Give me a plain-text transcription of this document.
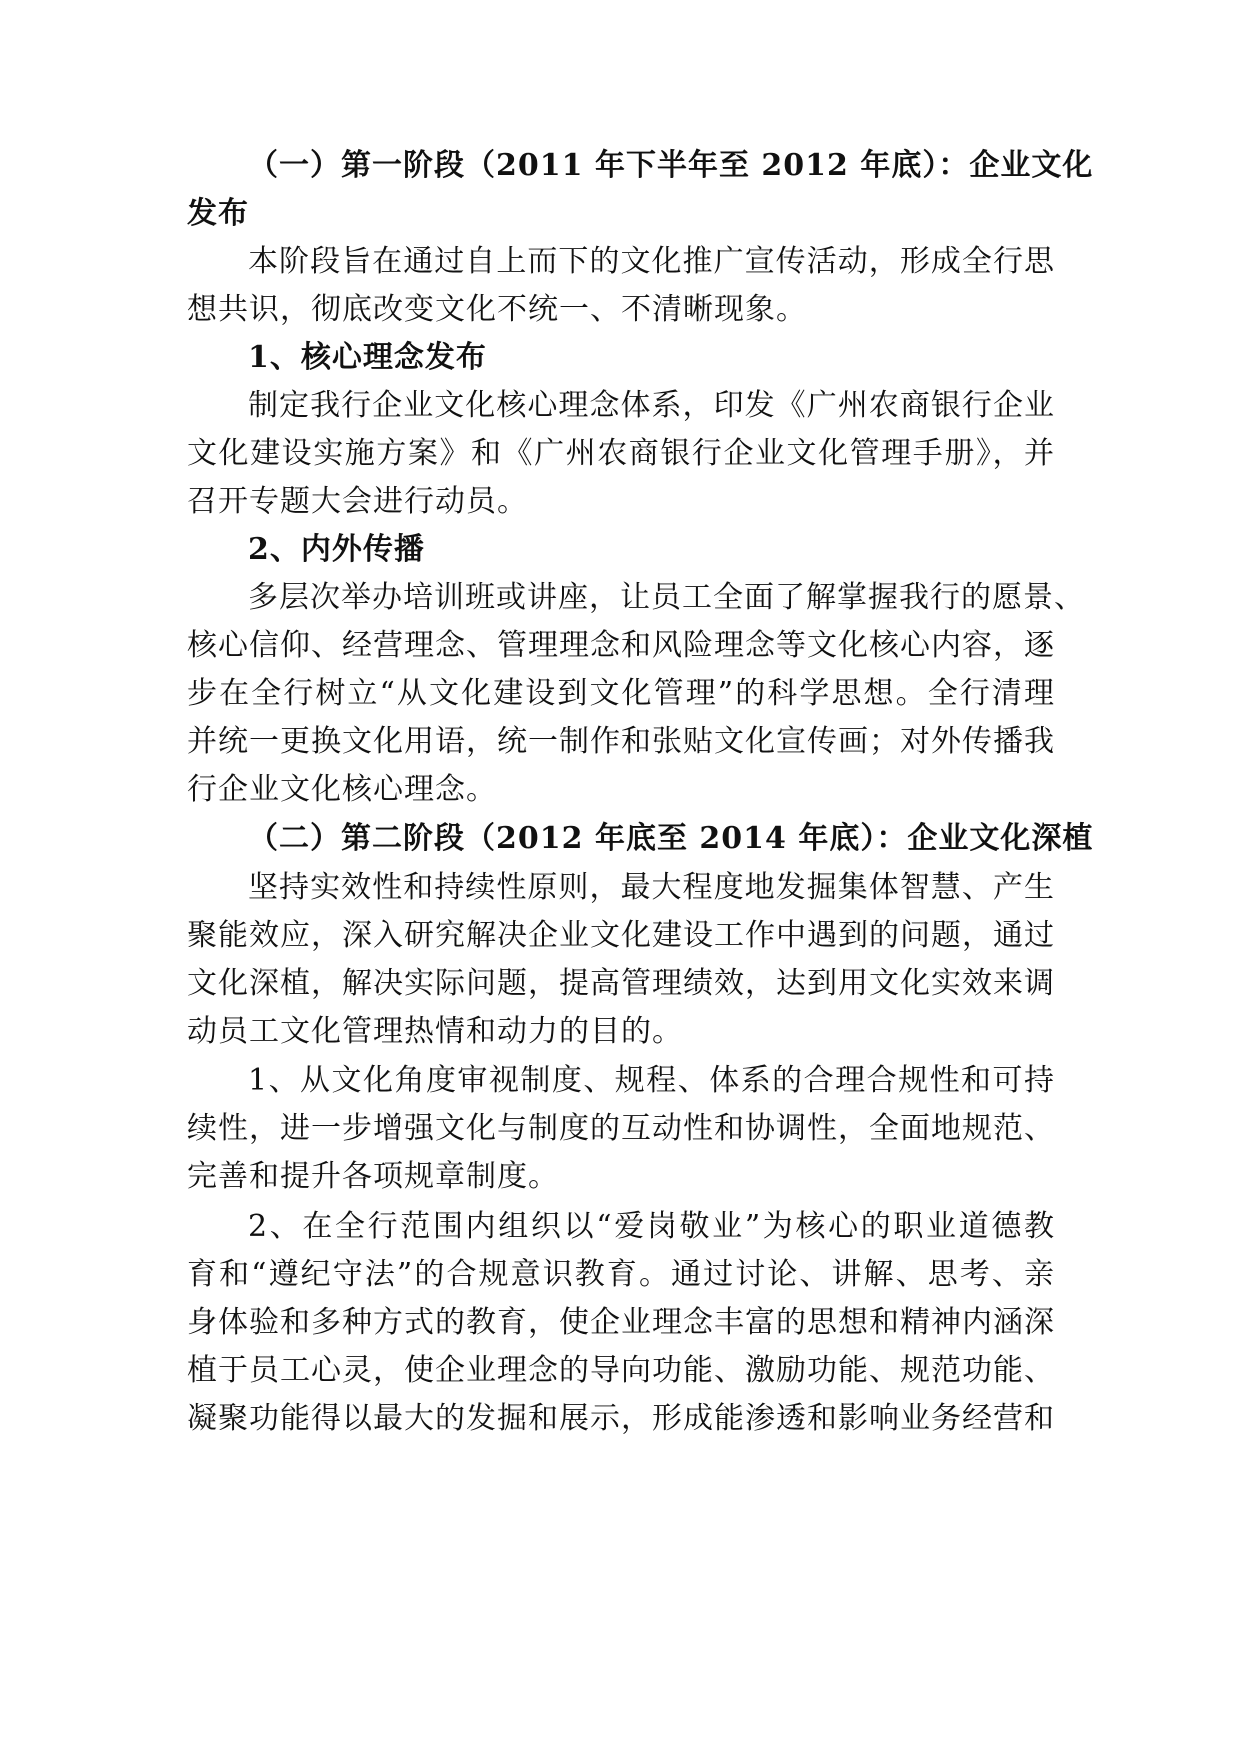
（一）第一阶段（2011 年下半年至 2012 年底）：企业文化
发布
本阶段旨在通过自上而下的文化推广宣传活动，形成全行思
想共识，彻底改变文化不统一、不清晰现象。
1、核心理念发布
制定我行企业文化核心理念体系，印发《广州农商银行企业
文化建设实施方案》和《广州农商银行企业文化管理手册》，并
召开专题大会进行动员。
2、内外传播
多层次举办培训班或讲座，让员工全面了解掌握我行的愿景、
核心信仰、经营理念、管理理念和风险理念等文化核心内容，逐
步在全行树立“从文化建设到文化管理”的科学思想。全行清理
并统一更换文化用语，统一制作和张贴文化宣传画；对外传播我
行企业文化核心理念。
（二）第二阶段（2012 年底至 2014 年底）：企业文化深植
坚持实效性和持续性原则，最大程度地发掘集体智慧、产生
聚能效应，深入研究解决企业文化建设工作中遇到的问题，通过
文化深植，解决实际问题，提高管理绩效，达到用文化实效来调
动员工文化管理热情和动力的目的。
1、从文化角度审视制度、规程、体系的合理合规性和可持
续性，进一步增强文化与制度的互动性和协调性，全面地规范、
完善和提升各项规章制度。
2、在全行范围内组织以“爱岗敬业”为核心的职业道德教
育和“遵纪守法”的合规意识教育。通过讨论、讲解、思考、亲
身体验和多种方式的教育，使企业理念丰富的思想和精神内涵深
植于员工心灵，使企业理念的导向功能、激励功能、规范功能、
凝聚功能得以最大的发掘和展示，形成能渗透和影响业务经营和
